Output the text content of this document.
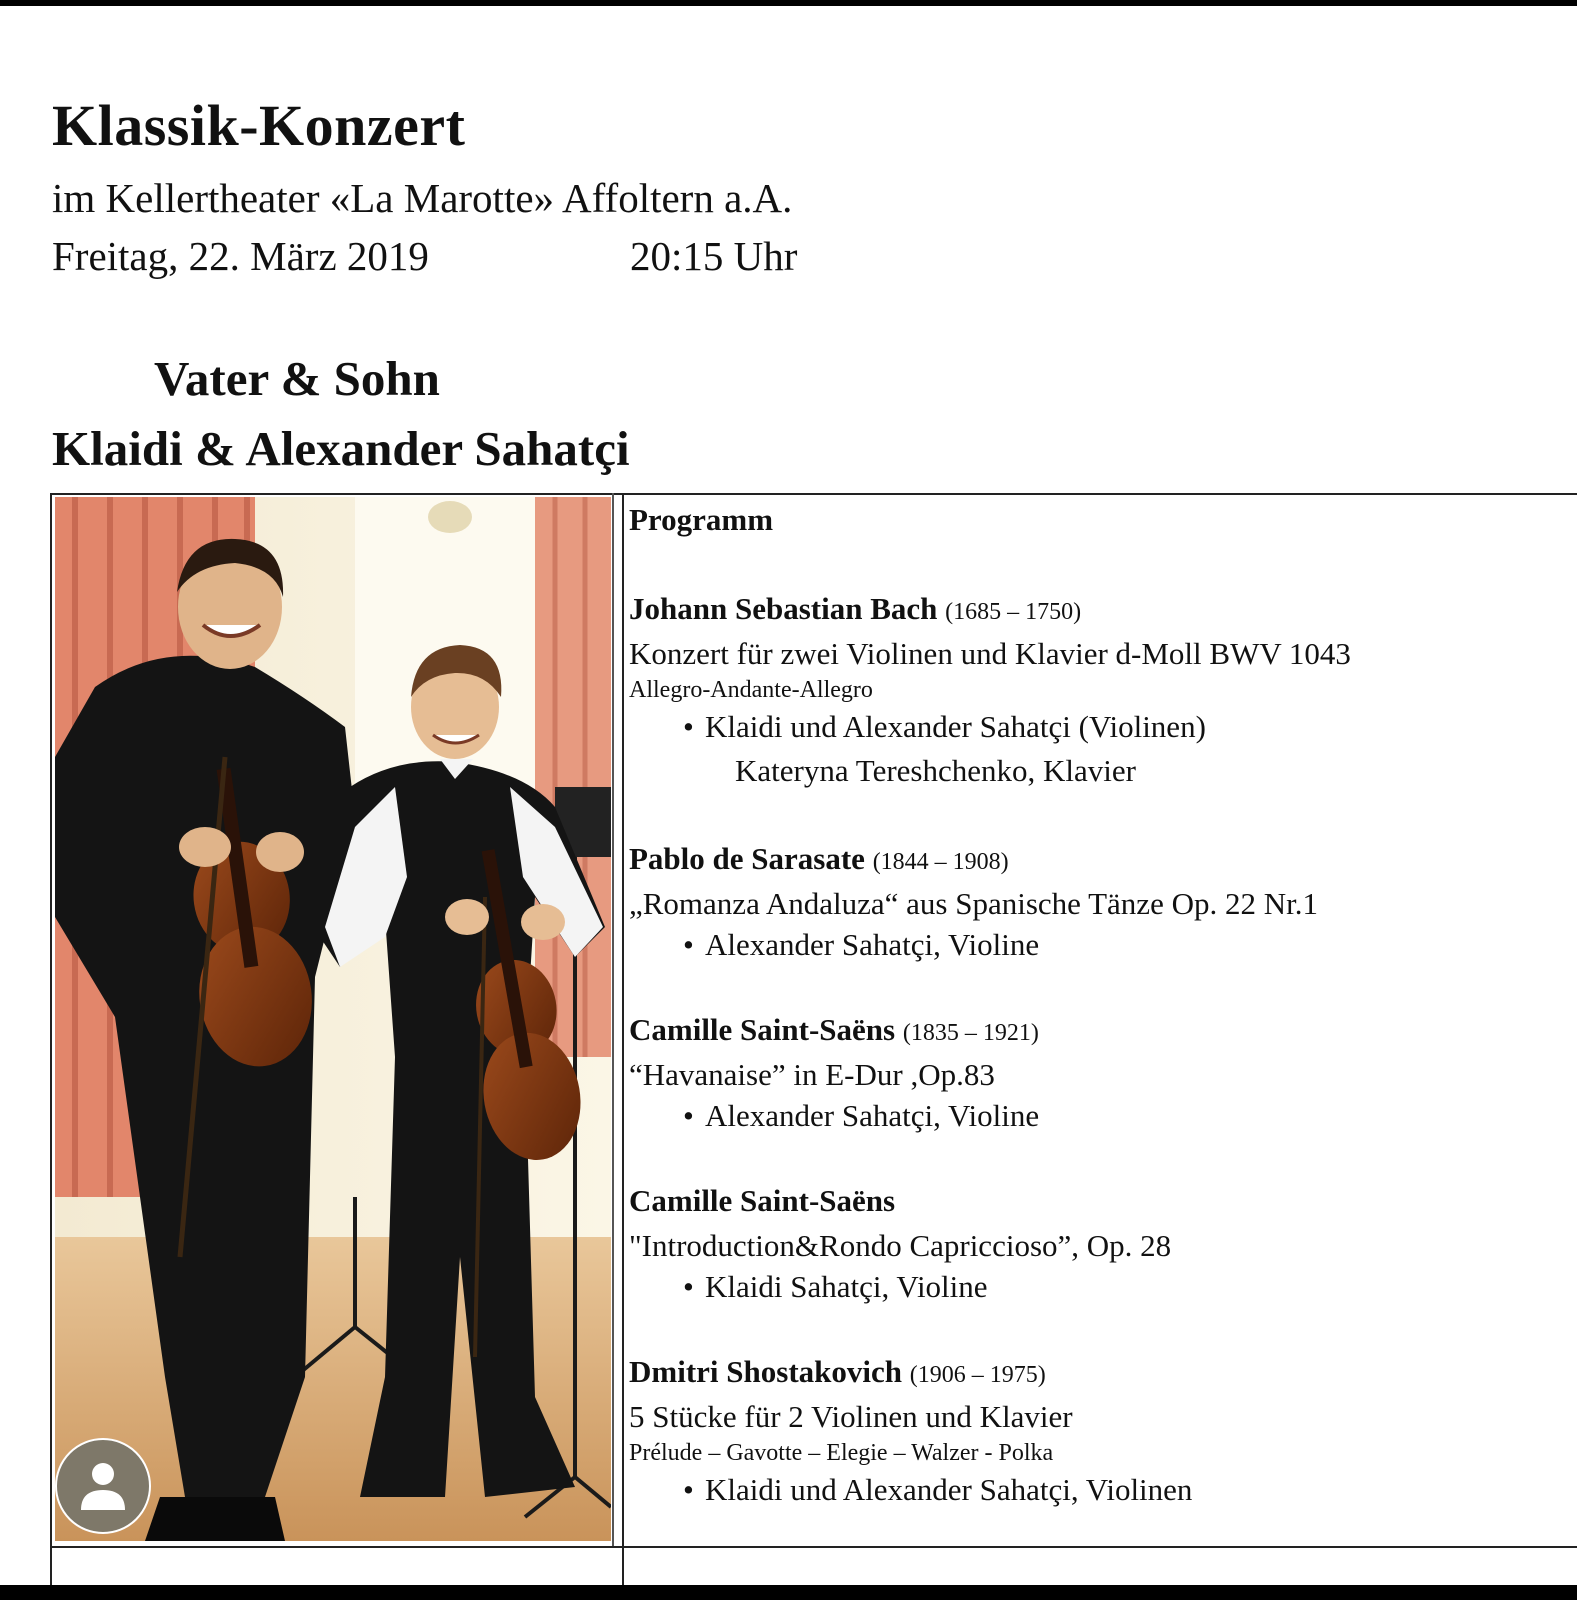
Klassik-Konzert
im Kellertheater «La Marotte» Affoltern a.A.
Freitag, 22. März 2019	20:15 Uhr
Vater & Sohn
Klaidi & Alexander Sahatçi
Programm
Johann Sebastian Bach (1685 – 1750)
Konzert für zwei Violinen und Klavier d-Moll BWV 1043
Allegro-Andante-Allegro
• Klaidi und Alexander Sahatçi (Violinen)
Kateryna Tereshchenko, Klavier
Pablo de Sarasate (1844 – 1908)
„Romanza Andaluza“ aus Spanische Tänze Op. 22 Nr.1
• Alexander Sahatçi, Violine
Camille Saint-Saëns (1835 – 1921)
“Havanaise” in E-Dur ,Op.83
• Alexander Sahatçi, Violine
Camille Saint-Saëns
"Introduction&Rondo Capriccioso”, Op. 28
• Klaidi Sahatçi, Violine
Dmitri Shostakovich (1906 – 1975)
5 Stücke für 2 Violinen und Klavier
Prélude – Gavotte – Elegie – Walzer - Polka
• Klaidi und Alexander Sahatçi, Violinen
